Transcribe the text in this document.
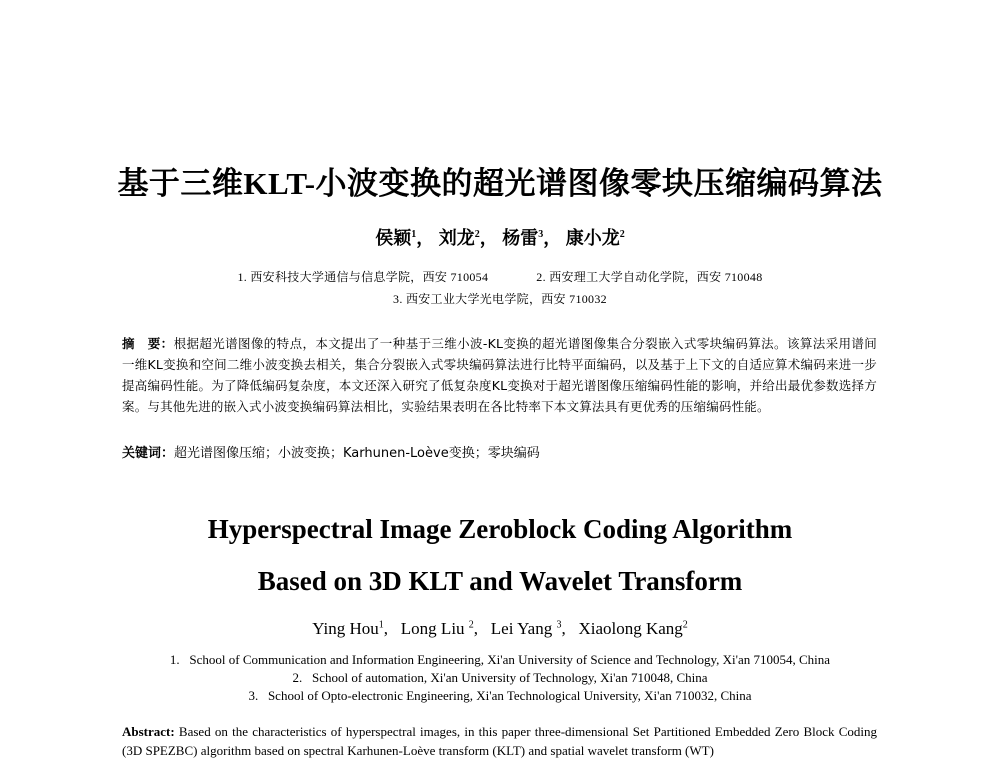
基于三维KLT-小波变换的超光谱图像零块压缩编码算法
侯颖$^1$， 刘龙$^2$， 杨雷$^3$， 康小龙$^2$
1. 西安科技大学通信与信息学院，西安 710054	2. 西安理工大学自动化学院，西安 710048
3. 西安工业大学光电学院，西安 710032
摘　要：根据超光谱图像的特点，本文提出了一种基于三维小波-KL变换的超光谱图像集合分裂嵌入式零块编码算法。该算法采用谱间一维KL变换和空间二维小波变换去相关，集合分裂嵌入式零块编码算法进行比特平面编码，以及基于上下文的自适应算术编码来进一步提高编码性能。为了降低编码复杂度，本文还深入研究了低复杂度KL变换对于超光谱图像压缩编码性能的影响，并给出最优参数选择方案。与其他先进的嵌入式小波变换编码算法相比，实验结果表明在各比特率下本文算法具有更优秀的压缩编码性能。
关键词：超光谱图像压缩；小波变换；Karhunen-Loève变换；零块编码
Hyperspectral Image Zeroblock Coding Algorithm
Based on 3D KLT and Wavelet Transform
Ying Hou$^1$,   Long Liu $^2$,   Lei Yang $^3$,   Xiaolong Kang$^2$
1.   School of Communication and Information Engineering, Xi'an University of Science and Technology, Xi'an 710054, China
2.   School of automation, Xi'an University of Technology, Xi'an 710048, China
3.   School of Opto-electronic Engineering, Xi'an Technological University, Xi'an 710032, China
Abstract: Based on the characteristics of hyperspectral images, in this paper three-dimensional Set Partitioned Embedded Zero Block Coding (3D SPEZBC) algorithm based on spectral Karhunen-Loève transform (KLT) and spatial wavelet transform (WT)
